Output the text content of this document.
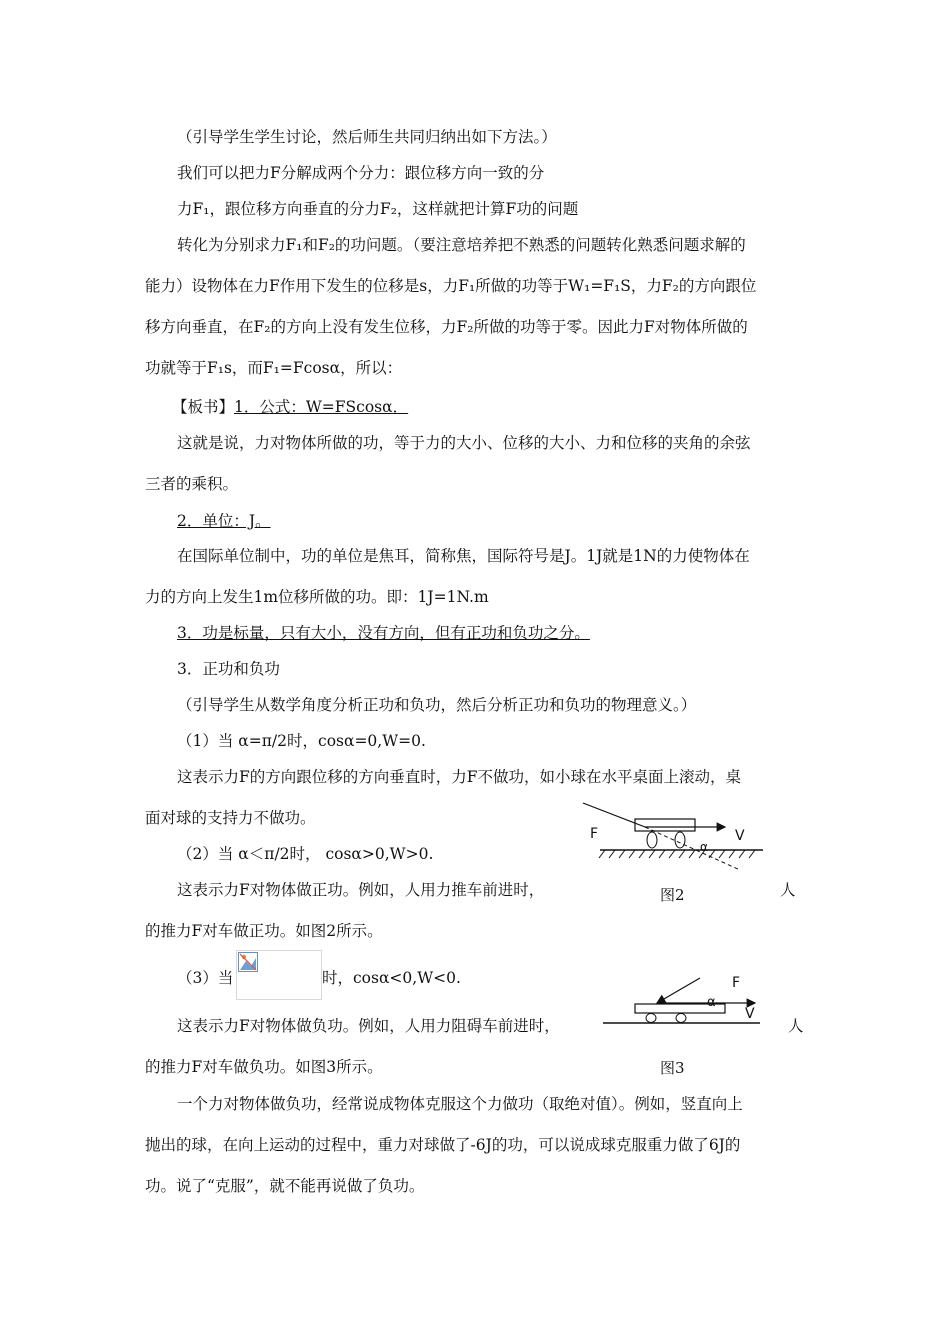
（引导学生学生讨论，然后师生共同归纳出如下方法。）
我们可以把力F分解成两个分力：跟位移方向一致的分
力F₁，跟位移方向垂直的分力F₂，这样就把计算F功的问题
转化为分别求力F₁和F₂的功问题。（要注意培养把不熟悉的问题转化熟悉问题求解的
能力）设物体在力F作用下发生的位移是s，力F₁所做的功等于W₁=F₁S，力F₂的方向跟位
移方向垂直，在F₂的方向上没有发生位移，力F₂所做的功等于零。因此力F对物体所做的
功就等于F₁s，而F₁=Fcosα，所以：
【板书】1．公式：W=FScosα．
这就是说，力对物体所做的功，等于力的大小、位移的大小、力和位移的夹角的余弦
三者的乘积。
2．单位：J。
在国际单位制中，功的单位是焦耳，简称焦，国际符号是J。1J就是1N的力使物体在
力的方向上发生1m位移所做的功。即：1J=1N.m
3．功是标量，只有大小，没有方向，但有正功和负功之分。
3．正功和负功
（引导学生从数学角度分析正功和负功，然后分析正功和负功的物理意义。）
（1）当 α=π/2时，cosα=0,W=0.
这表示力F的方向跟位移的方向垂直时，力F不做功，如小球在水平桌面上滚动，桌
面对球的支持力不做功。
（2）当 α＜π/2时， cosα>0,W>0.
这表示力F对物体做正功。例如，人用力推车前进时，	人
的推力F对车做正功。如图2所示。
（3）当	时，cosα<0,W<0.
这表示力F对物体做负功。例如，人用力阻碍车前进时，	人
的推力F对车做负功。如图3所示。
一个力对物体做负功，经常说成物体克服这个力做功（取绝对值）。例如，竖直向上
抛出的球，在向上运动的过程中，重力对球做了-6J的功，可以说成球克服重力做了6J的
功。说了“克服”，就不能再说做了负功。
F	V
α
图2
F
V
α
图3
